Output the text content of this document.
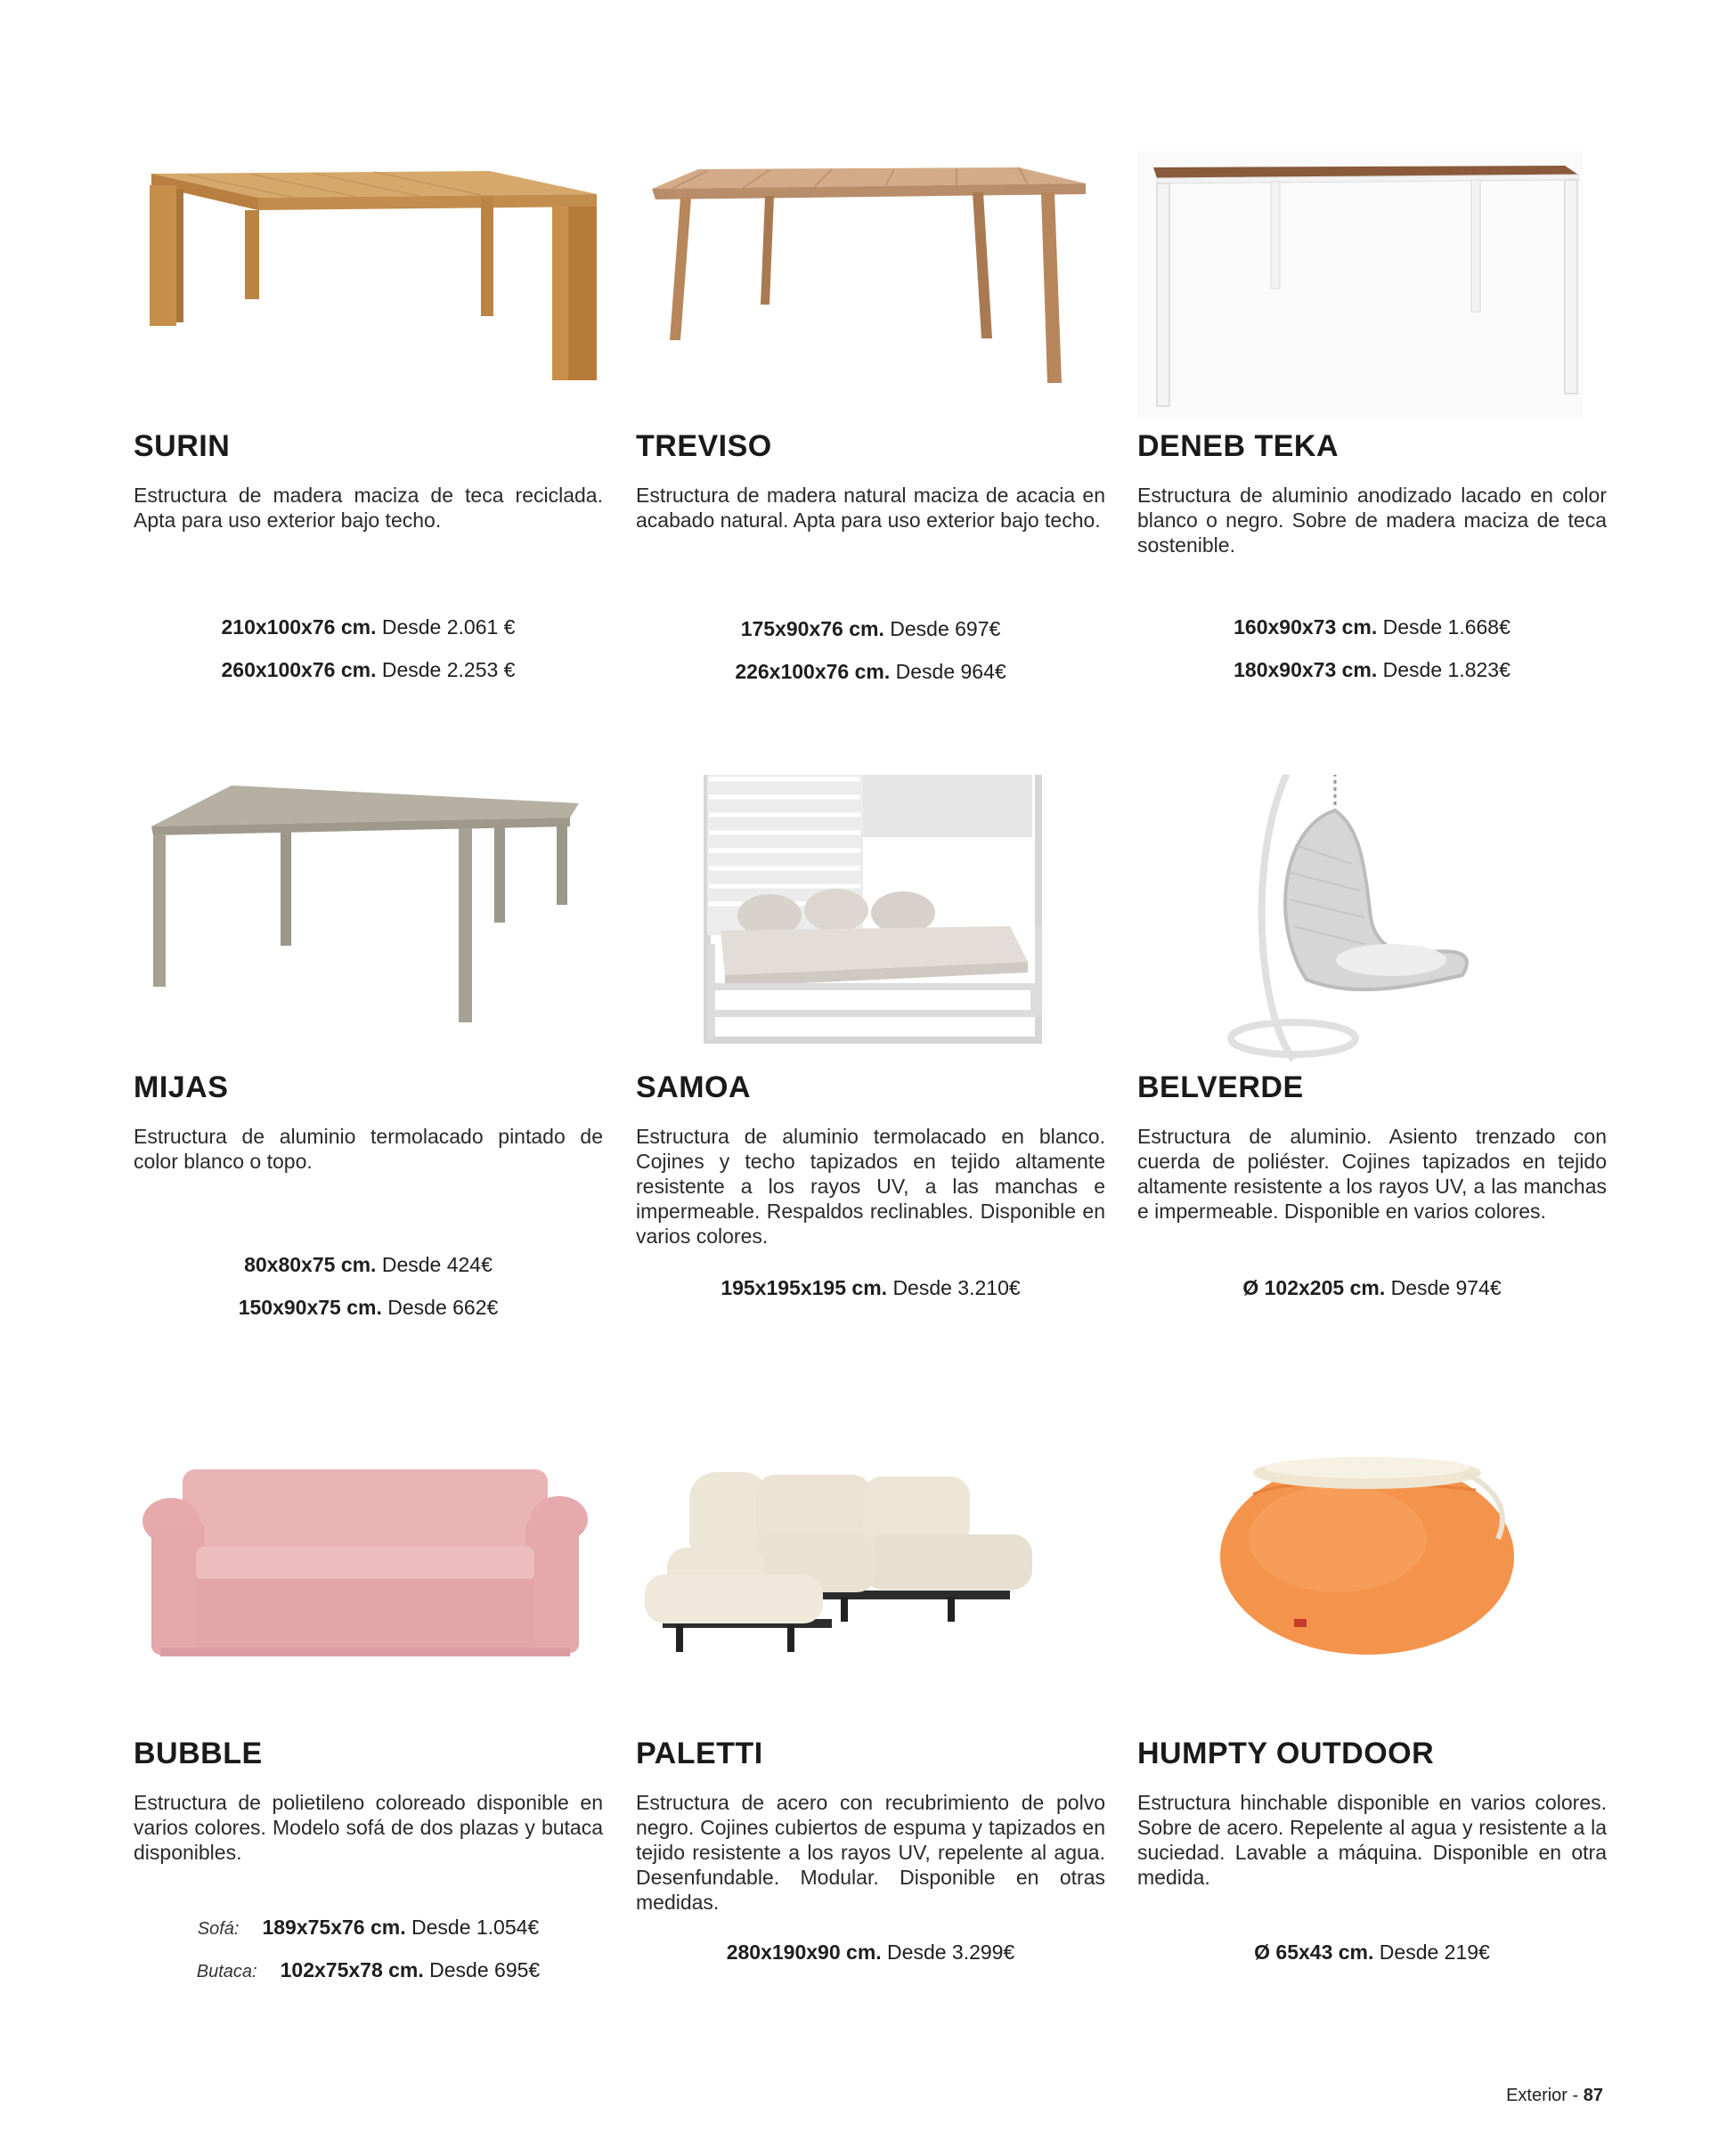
SURIN

Estructura de madera maciza de teca reciclada. Apta para uso exterior bajo techo.

210x100x76 cm. Desde 2.061 €
260x100x76 cm. Desde 2.253 €
TREVISO

Estructura de madera natural maciza de acacia en acabado natural. Apta para uso exterior bajo techo.

175x90x76 cm. Desde 697€
226x100x76 cm. Desde 964€
DENEB TEKA

Estructura de aluminio anodizado lacado en color blanco o negro. Sobre de madera maciza de teca sostenible.

160x90x73 cm. Desde 1.668€
180x90x73 cm. Desde 1.823€
MIJAS

Estructura de aluminio termolacado pintado de color blanco o topo.

80x80x75 cm. Desde 424€
150x90x75 cm. Desde 662€
SAMOA

Estructura de aluminio termolacado en blanco. Cojines y techo tapizados en tejido altamente resistente a los rayos UV, a las manchas e impermeable. Respaldos reclinables. Disponible en varios colores.

195x195x195 cm. Desde 3.210€
BELVERDE

Estructura de aluminio. Asiento trenzado con cuerda de poliéster. Cojines tapizados en tejido altamente resistente a los rayos UV, a las manchas e impermeable. Disponible en varios colores.

Ø 102x205 cm. Desde 974€
BUBBLE

Estructura de polietileno coloreado disponible en varios colores. Modelo sofá de dos plazas y butaca disponibles.

Sofá: 189x75x76 cm. Desde 1.054€
Butaca: 102x75x78 cm. Desde 695€
PALETTI

Estructura de acero con recubrimiento de polvo negro. Cojines cubiertos de espuma y tapizados en tejido resistente a los rayos UV, repelente al agua. Desenfundable. Modular. Disponible en otras medidas.

280x190x90 cm. Desde 3.299€
HUMPTY OUTDOOR

Estructura hinchable disponible en varios colores. Sobre de acero. Repelente al agua y resistente a la suciedad. Lavable a máquina. Disponible en otra medida.

Ø 65x43 cm. Desde 219€
Exterior - 87
